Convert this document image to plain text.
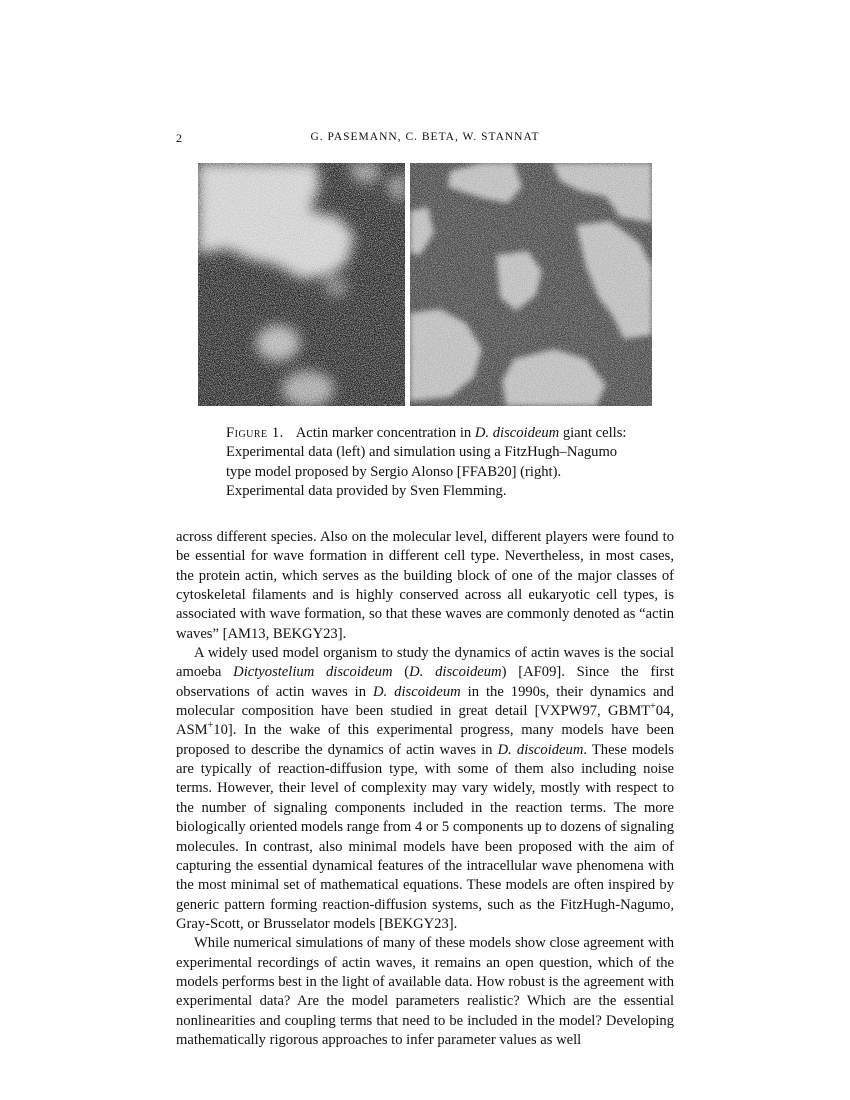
2	G. PASEMANN, C. BETA, W. STANNAT
Figure 1. Actin marker concentration in D. discoideum giant cells: Experimental data (left) and simulation using a FitzHugh–Nagumo type model proposed by Sergio Alonso [FFAB20] (right). Experimental data provided by Sven Flemming.

across different species. Also on the molecular level, different players were found to be essential for wave formation in different cell type. Nevertheless, in most cases, the protein actin, which serves as the building block of one of the major classes of cytoskeletal filaments and is highly conserved across all eukaryotic cell types, is associated with wave formation, so that these waves are commonly denoted as “actin waves” [AM13, BEKGY23].

A widely used model organism to study the dynamics of actin waves is the social amoeba Dictyostelium discoideum (D. discoideum) [AF09]. Since the first observations of actin waves in D. discoideum in the 1990s, their dynamics and molecular composition have been studied in great detail [VXPW97, GBMT+04, ASM+10]. In the wake of this experimental progress, many models have been proposed to describe the dynamics of actin waves in D. discoideum. These models are typically of reaction-diffusion type, with some of them also including noise terms. However, their level of complexity may vary widely, mostly with respect to the number of signaling components included in the reaction terms. The more biologically oriented models range from 4 or 5 components up to dozens of signaling molecules. In contrast, also minimal models have been proposed with the aim of capturing the essential dynamical features of the intracellular wave phenomena with the most minimal set of mathematical equations. These models are often inspired by generic pattern forming reaction-diffusion systems, such as the FitzHugh-Nagumo, Gray-Scott, or Brusselator models [BEKGY23].

While numerical simulations of many of these models show close agreement with experimental recordings of actin waves, it remains an open question, which of the models performs best in the light of available data. How robust is the agreement with experimental data? Are the model parameters realistic? Which are the essential nonlinearities and coupling terms that need to be included in the model? Developing mathematically rigorous approaches to infer parameter values as well
